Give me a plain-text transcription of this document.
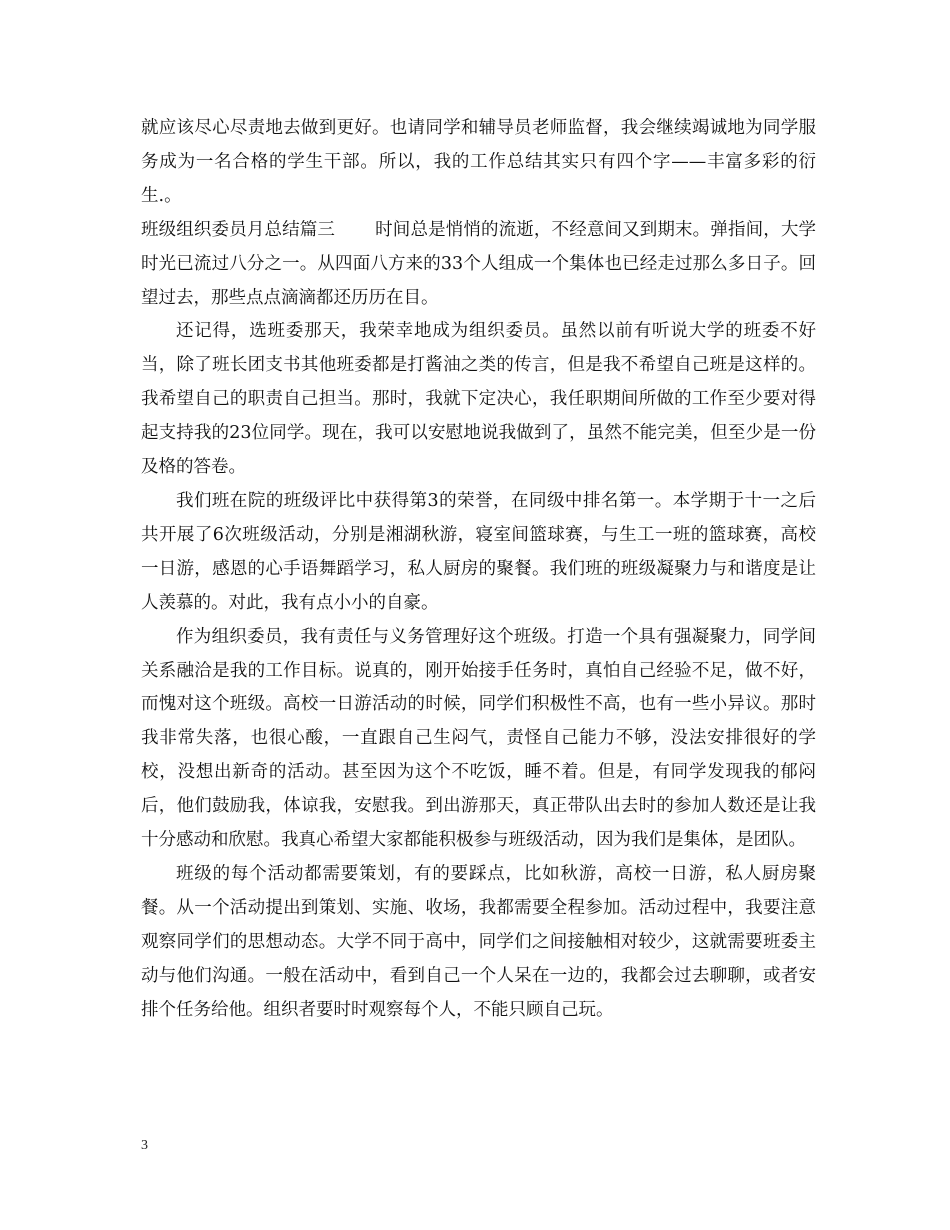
就应该尽心尽责地去做到更好。也请同学和辅导员老师监督，我会继续竭诚地为同学服务成为一名合格的学生干部。所以，我的工作总结其实只有四个字——丰富多彩的衍生.。

班级组织委员月总结篇三 时间总是悄悄的流逝，不经意间又到期末。弹指间，大学时光已流过八分之一。从四面八方来的33个人组成一个集体也已经走过那么多日子。回望过去，那些点点滴滴都还历历在目。

还记得，选班委那天，我荣幸地成为组织委员。虽然以前有听说大学的班委不好当，除了班长团支书其他班委都是打酱油之类的传言，但是我不希望自己班是这样的。我希望自己的职责自己担当。那时，我就下定决心，我任职期间所做的工作至少要对得起支持我的23位同学。现在，我可以安慰地说我做到了，虽然不能完美，但至少是一份及格的答卷。

我们班在院的班级评比中获得第3的荣誉，在同级中排名第一。本学期于十一之后共开展了6次班级活动，分别是湘湖秋游，寝室间篮球赛，与生工一班的篮球赛，高校一日游，感恩的心手语舞蹈学习，私人厨房的聚餐。我们班的班级凝聚力与和谐度是让人羡慕的。对此，我有点小小的自豪。

作为组织委员，我有责任与义务管理好这个班级。打造一个具有强凝聚力，同学间关系融洽是我的工作目标。说真的，刚开始接手任务时，真怕自己经验不足，做不好，而愧对这个班级。高校一日游活动的时候，同学们积极性不高，也有一些小异议。那时我非常失落，也很心酸，一直跟自己生闷气，责怪自己能力不够，没法安排很好的学校，没想出新奇的活动。甚至因为这个不吃饭，睡不着。但是，有同学发现我的郁闷后，他们鼓励我，体谅我，安慰我。到出游那天，真正带队出去时的参加人数还是让我十分感动和欣慰。我真心希望大家都能积极参与班级活动，因为我们是集体，是团队。

班级的每个活动都需要策划，有的要踩点，比如秋游，高校一日游，私人厨房聚餐。从一个活动提出到策划、实施、收场，我都需要全程参加。活动过程中，我要注意观察同学们的思想动态。大学不同于高中，同学们之间接触相对较少，这就需要班委主动与他们沟通。一般在活动中，看到自己一个人呆在一边的，我都会过去聊聊，或者安排个任务给他。组织者要时时观察每个人，不能只顾自己玩。

3
